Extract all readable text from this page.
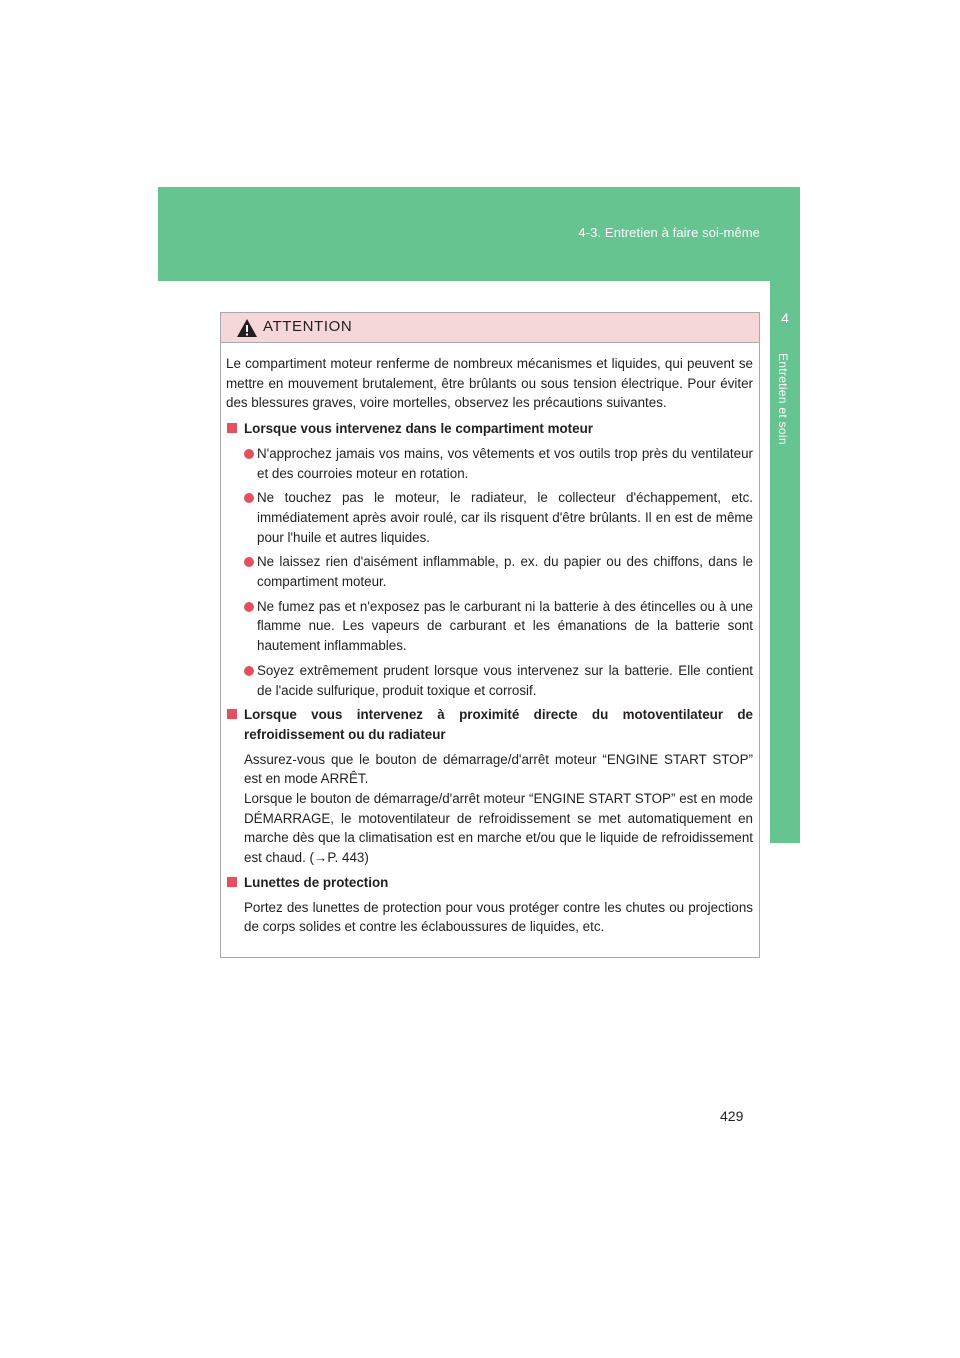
4-3. Entretien à faire soi-même
4
Entretien et soin
ATTENTION

Le compartiment moteur renferme de nombreux mécanismes et liquides, qui peuvent se mettre en mouvement brutalement, être brûlants ou sous tension électrique. Pour éviter des blessures graves, voire mortelles, observez les précautions suivantes.

Lorsque vous intervenez dans le compartiment moteur
N'approchez jamais vos mains, vos vêtements et vos outils trop près du ventilateur et des courroies moteur en rotation.
Ne touchez pas le moteur, le radiateur, le collecteur d'échappement, etc. immédiatement après avoir roulé, car ils risquent d'être brûlants. Il en est de même pour l'huile et autres liquides.
Ne laissez rien d'aisément inflammable, p. ex. du papier ou des chiffons, dans le compartiment moteur.
Ne fumez pas et n'exposez pas le carburant ni la batterie à des étincelles ou à une flamme nue. Les vapeurs de carburant et les émanations de la batterie sont hautement inflammables.
Soyez extrêmement prudent lorsque vous intervenez sur la batterie. Elle contient de l'acide sulfurique, produit toxique et corrosif.
Lorsque vous intervenez à proximité directe du motoventilateur de refroidissement ou du radiateur
Assurez-vous que le bouton de démarrage/d'arrêt moteur “ENGINE START STOP” est en mode ARRÊT.
Lorsque le bouton de démarrage/d'arrêt moteur “ENGINE START STOP” est en mode DÉMARRAGE, le motoventilateur de refroidissement se met automatiquement en marche dès que la climatisation est en marche et/ou que le liquide de refroidissement est chaud. (→P. 443)
Lunettes de protection
Portez des lunettes de protection pour vous protéger contre les chutes ou projections de corps solides et contre les éclaboussures de liquides, etc.
429
